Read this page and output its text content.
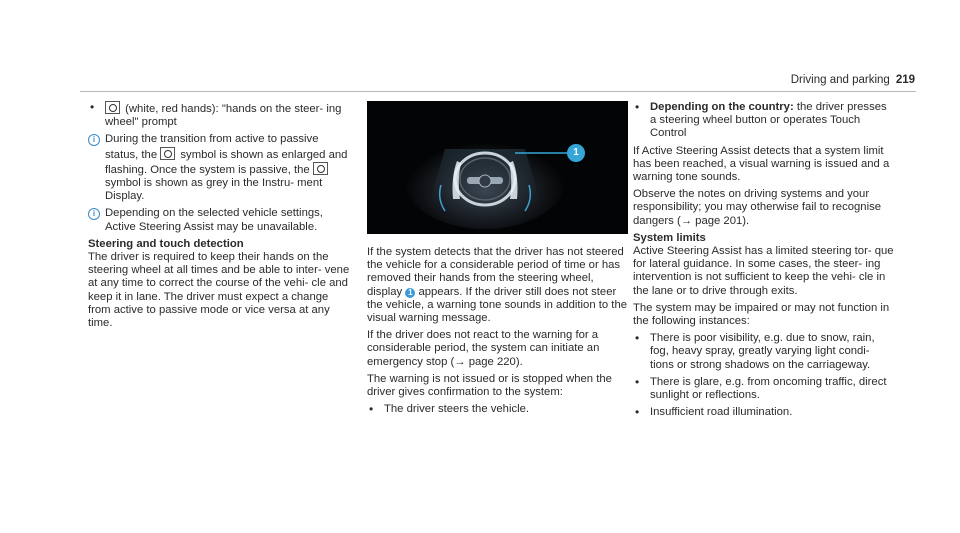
Driving and parking 219
•	(white, red hands): "hands on the steer- ing wheel" prompt
i During the transition from active to passive status, the symbol is shown as enlarged and flashing. Once the system is passive, the  symbol is shown as grey in the Instru- ment Display.
i Depending on the selected vehicle settings, Active Steering Assist may be unavailable.
Steering and touch detection

The driver is required to keep their hands on the steering wheel at all times and be able to inter- vene at any time to correct the course of the vehi- cle and keep it in lane. The driver must expect a change from active to passive mode or vice versa at any time.

1

If the system detects that the driver has not steered the vehicle for a considerable period of time or has removed their hands from the steering wheel, display 1 appears. If the driver still does not steer the vehicle, a warning tone sounds in addition to the visual warning message.

If the driver does not react to the warning for a considerable period, the system can initiate an emergency stop (→ page 220).

The warning is not issued or is stopped when the driver gives confirmation to the system:

• The driver steers the vehicle.
• Depending on the country: the driver presses a steering wheel button or operates Touch Control

If Active Steering Assist detects that a system limit has been reached, a visual warning is issued and a warning tone sounds.

Observe the notes on driving systems and your responsibility; you may otherwise fail to recognise dangers (→ page 201).

System limits

Active Steering Assist has a limited steering tor- que for lateral guidance. In some cases, the steer- ing intervention is not sufficient to keep the vehi- cle in the lane or to drive through exits.

The system may be impaired or may not function in the following instances:

• There is poor visibility, e.g. due to snow, rain, fog, heavy spray, greatly varying light condi- tions or strong shadows on the carriageway.
• There is glare, e.g. from oncoming traffic, direct sunlight or reflections.
• Insufficient road illumination.
